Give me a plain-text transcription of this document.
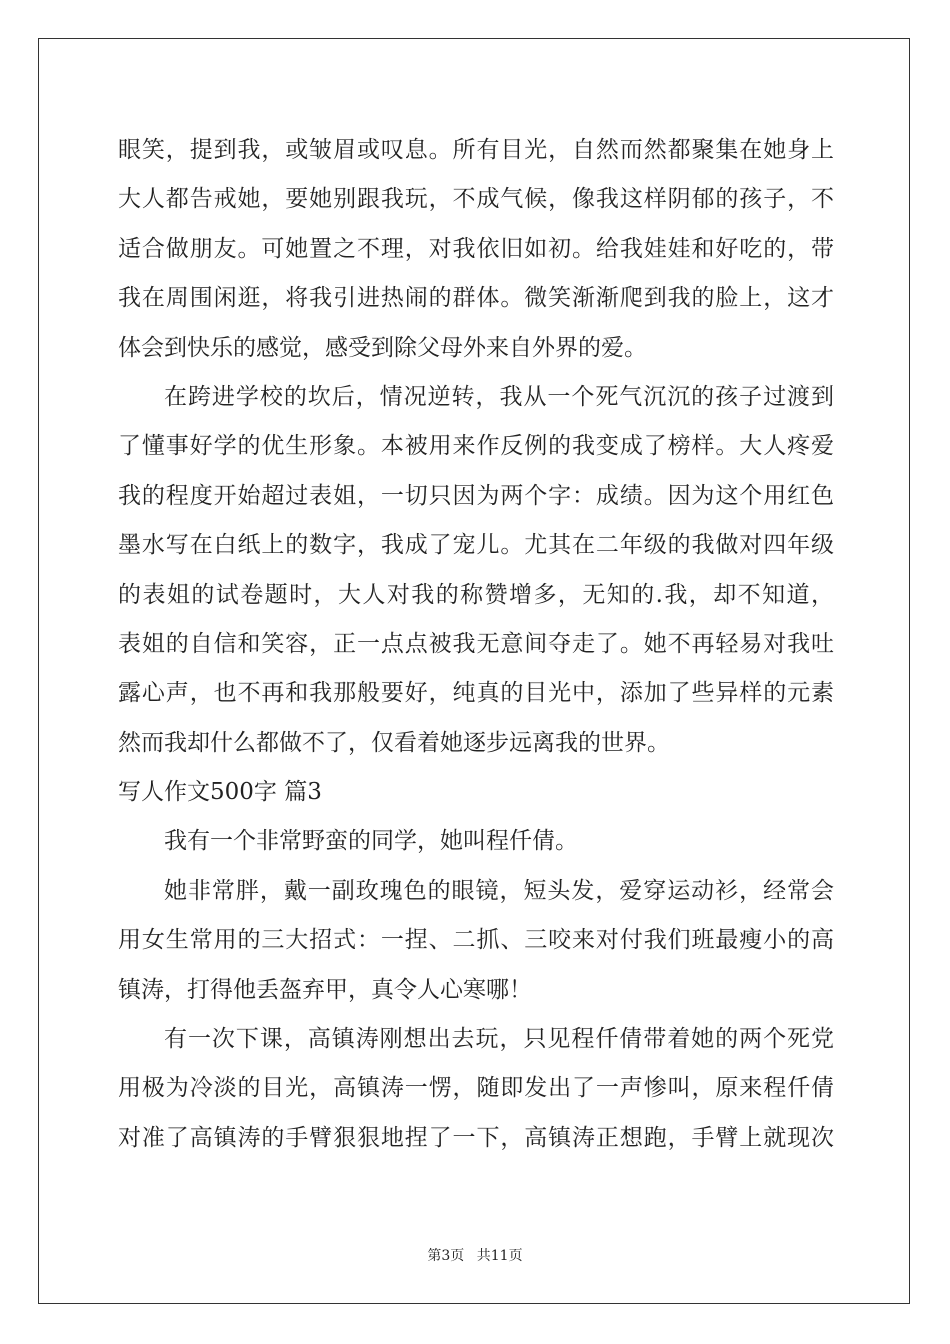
眼笑，提到我，或皱眉或叹息。所有目光，自然而然都聚集在她身上
大人都告戒她，要她别跟我玩，不成气候，像我这样阴郁的孩子，不
适合做朋友。可她置之不理，对我依旧如初。给我娃娃和好吃的，带
我在周围闲逛，将我引进热闹的群体。微笑渐渐爬到我的脸上，这才
体会到快乐的感觉，感受到除父母外来自外界的爱。
在跨进学校的坎后，情况逆转，我从一个死气沉沉的孩子过渡到
了懂事好学的优生形象。本被用来作反例的我变成了榜样。大人疼爱
我的程度开始超过表姐，一切只因为两个字：成绩。因为这个用红色
墨水写在白纸上的数字，我成了宠儿。尤其在二年级的我做对四年级
的表姐的试卷题时，大人对我的称赞增多，无知的.我，却不知道，
表姐的自信和笑容，正一点点被我无意间夺走了。她不再轻易对我吐
露心声，也不再和我那般要好，纯真的目光中，添加了些异样的元素
然而我却什么都做不了，仅看着她逐步远离我的世界。
写人作文500字 篇3
我有一个非常野蛮的同学，她叫程仟倩。
她非常胖，戴一副玫瑰色的眼镜，短头发，爱穿运动衫，经常会
用女生常用的三大招式：一捏、二抓、三咬来对付我们班最瘦小的高
镇涛，打得他丢盔弃甲，真令人心寒哪！
有一次下课，高镇涛刚想出去玩，只见程仟倩带着她的两个死党
用极为冷淡的目光，高镇涛一愣，随即发出了一声惨叫，原来程仟倩
对准了高镇涛的手臂狠狠地捏了一下，高镇涛正想跑，手臂上就现次
第3页 共11页
